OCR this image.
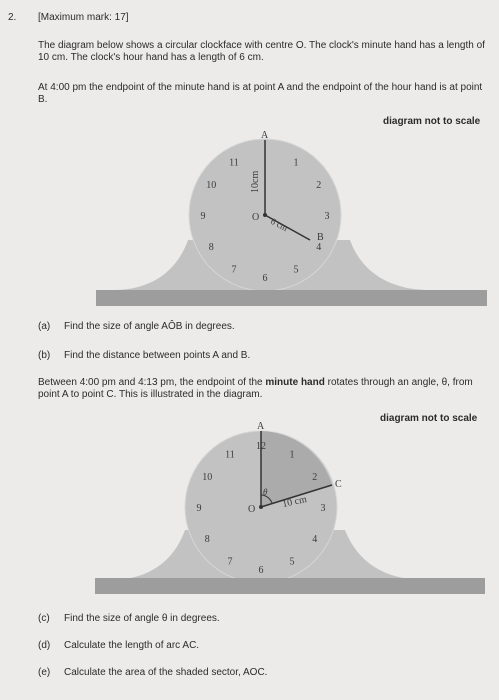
2. [Maximum mark: 17]
The diagram below shows a circular clockface with centre O. The clock's minute hand has a length of 10 cm. The clock's hour hand has a length of 6 cm.
At 4:00 pm the endpoint of the minute hand is at point A and the endpoint of the hour hand is at point B.
diagram not to scale
1
2
3
4
5
6
7
8
9
10
11
A
B
O
10cm
6 cm
(a) Find the size of angle AÔB in degrees.
(b) Find the distance between points A and B.
Between 4:00 pm and 4:13 pm, the endpoint of the minute hand rotates through an angle, θ, from point A to point C. This is illustrated in the diagram.
diagram not to scale
12
1
2
3
4
5
6
7
8
9
10
11
A
C
O
θ
10 cm
(c) Find the size of angle θ in degrees.
(d) Calculate the length of arc AC.
(e) Calculate the area of the shaded sector, AOC.
